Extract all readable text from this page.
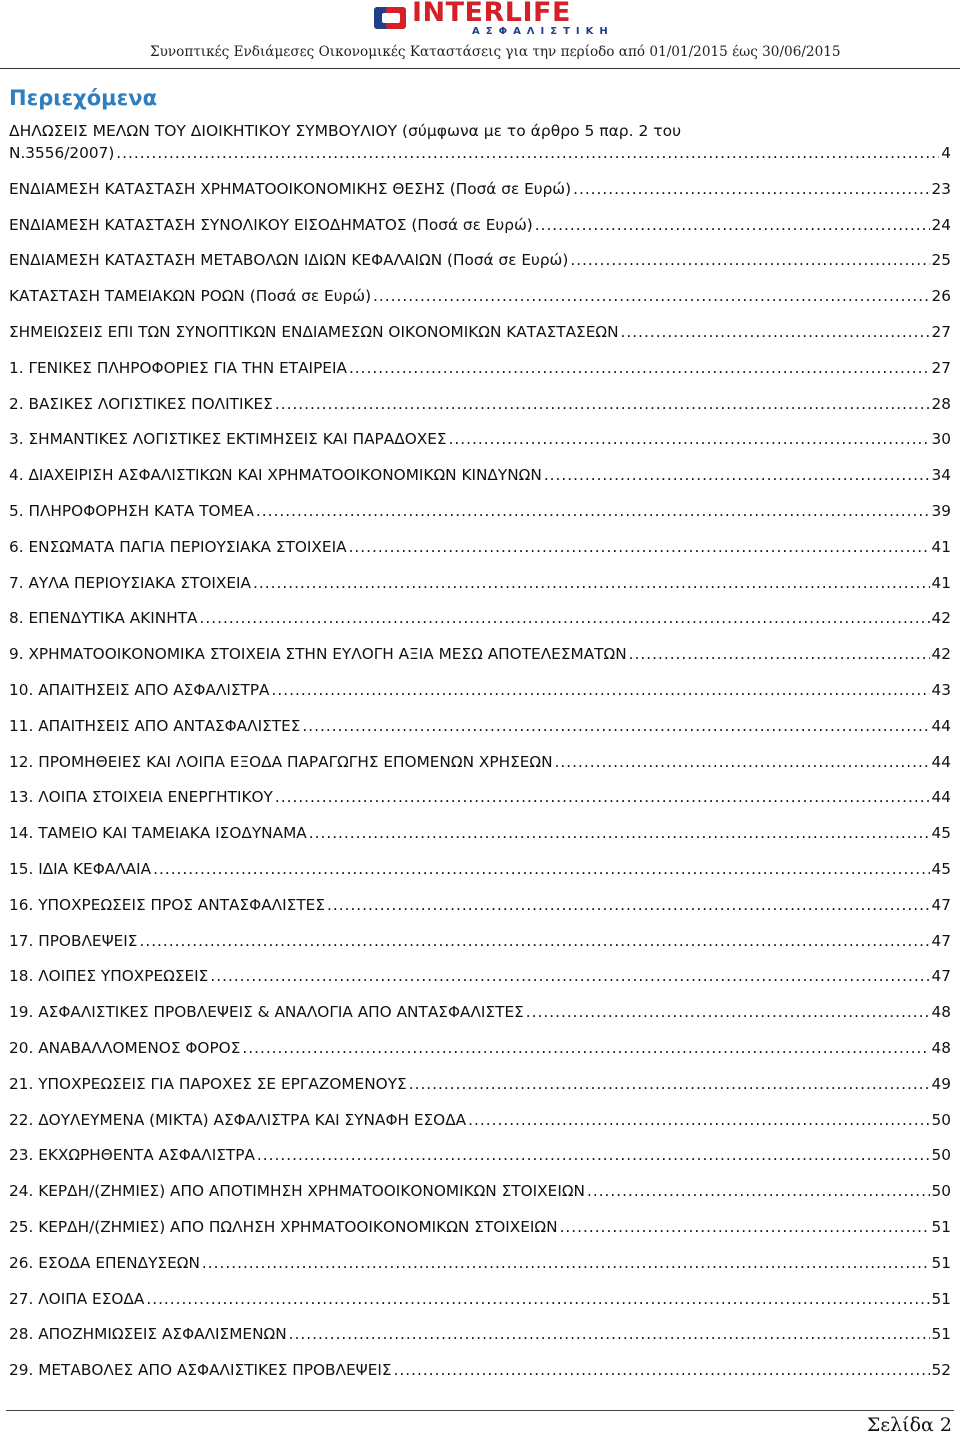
INTERLIFE
ΑΣΦΑΛΙΣΤΙΚΗ
Συνοπτικές Ενδιάμεσες Οικονομικές Καταστάσεις για την περίοδο από 01/01/2015 έως 30/06/2015
Περιεχόμενα
ΔΗΛΩΣΕΙΣ ΜΕΛΩΝ ΤΟΥ ΔΙΟΙΚΗΤΙΚΟΥ ΣΥΜΒΟΥΛΙΟΥ (σύμφωνα με το άρθρο 5 παρ. 2 του
Ν.3556/2007) .....	4
ΕΝΔΙΑΜΕΣΗ ΚΑΤΑΣΤΑΣΗ ΧΡΗΜΑΤΟΟΙΚΟΝΟΜΙΚΗΣ ΘΕΣΗΣ (Ποσά σε Ευρώ) .....	23
ΕΝΔΙΑΜΕΣΗ ΚΑΤΑΣΤΑΣΗ ΣΥΝΟΛΙΚΟΥ ΕΙΣΟΔΗΜΑΤΟΣ (Ποσά σε Ευρώ) .....	24
ΕΝΔΙΑΜΕΣΗ ΚΑΤΑΣΤΑΣΗ ΜΕΤΑΒΟΛΩΝ ΙΔΙΩΝ ΚΕΦΑΛΑΙΩΝ (Ποσά σε Ευρώ) .....	25
ΚΑΤΑΣΤΑΣΗ ΤΑΜΕΙΑΚΩΝ ΡΟΩΝ (Ποσά σε Ευρώ) .....	26
ΣΗΜΕΙΩΣΕΙΣ ΕΠΙ ΤΩΝ ΣΥΝΟΠΤΙΚΩΝ ΕΝΔΙΑΜΕΣΩΝ ΟΙΚΟΝΟΜΙΚΩΝ ΚΑΤΑΣΤΑΣΕΩΝ .....	27
1. ΓΕΝΙΚΕΣ ΠΛΗΡΟΦΟΡΙΕΣ ΓΙΑ ΤΗΝ ΕΤΑΙΡΕΙΑ .....	27
2. ΒΑΣΙΚΕΣ ΛΟΓΙΣΤΙΚΕΣ ΠΟΛΙΤΙΚΕΣ .....	28
3. ΣΗΜΑΝΤΙΚΕΣ ΛΟΓΙΣΤΙΚΕΣ ΕΚΤΙΜΗΣΕΙΣ ΚΑΙ ΠΑΡΑΔΟΧΕΣ .....	30
4. ΔΙΑΧΕΙΡΙΣΗ ΑΣΦΑΛΙΣΤΙΚΩΝ ΚΑΙ ΧΡΗΜΑΤΟΟΙΚΟΝΟΜΙΚΩΝ ΚΙΝΔΥΝΩΝ .....	34
5. ΠΛΗΡΟΦΟΡΗΣΗ ΚΑΤΑ ΤΟΜΕΑ .....	39
6. ΕΝΣΩΜΑΤΑ ΠΑΓΙΑ ΠΕΡΙΟΥΣΙΑΚΑ ΣΤΟΙΧΕΙΑ .....	41
7. ΑΥΛΑ ΠΕΡΙΟΥΣΙΑΚΑ ΣΤΟΙΧΕΙΑ .....	41
8. ΕΠΕΝΔΥΤΙΚΑ ΑΚΙΝΗΤΑ .....	42
9. ΧΡΗΜΑΤΟΟΙΚΟΝΟΜΙΚΑ ΣΤΟΙΧΕΙΑ ΣΤΗΝ ΕΥΛΟΓΗ ΑΞΙΑ ΜΕΣΩ ΑΠΟΤΕΛΕΣΜΑΤΩΝ .....	42
10. ΑΠΑΙΤΗΣΕΙΣ ΑΠΟ ΑΣΦΑΛΙΣΤΡΑ .....	43
11. ΑΠΑΙΤΗΣΕΙΣ ΑΠΟ ΑΝΤΑΣΦΑΛΙΣΤΕΣ .....	44
12. ΠΡΟΜΗΘΕΙΕΣ ΚΑΙ ΛΟΙΠΑ ΕΞΟΔΑ ΠΑΡΑΓΩΓΗΣ ΕΠΟΜΕΝΩΝ ΧΡΗΣΕΩΝ .....	44
13. ΛΟΙΠΑ ΣΤΟΙΧΕΙΑ ΕΝΕΡΓΗΤΙΚΟΥ .....	44
14. ΤΑΜΕΙΟ ΚΑΙ ΤΑΜΕΙΑΚΑ ΙΣΟΔΥΝΑΜΑ .....	45
15. ΙΔΙΑ ΚΕΦΑΛΑΙΑ .....	45
16. ΥΠΟΧΡΕΩΣΕΙΣ ΠΡΟΣ ΑΝΤΑΣΦΑΛΙΣΤΕΣ .....	47
17. ΠΡΟΒΛΕΨΕΙΣ .....	47
18. ΛΟΙΠΕΣ ΥΠΟΧΡΕΩΣΕΙΣ .....	47
19. ΑΣΦΑΛΙΣΤΙΚΕΣ ΠΡΟΒΛΕΨΕΙΣ & ΑΝΑΛΟΓΙΑ ΑΠΟ ΑΝΤΑΣΦΑΛΙΣΤΕΣ .....	48
20. ΑΝΑΒΑΛΛΟΜΕΝΟΣ ΦΟΡΟΣ .....	48
21. ΥΠΟΧΡΕΩΣΕΙΣ ΓΙΑ ΠΑΡΟΧΕΣ ΣΕ ΕΡΓΑΖΟΜΕΝΟΥΣ .....	49
22. ΔΟΥΛΕΥΜΕΝΑ (ΜΙΚΤΑ) ΑΣΦΑΛΙΣΤΡΑ ΚΑΙ ΣΥΝΑΦΗ ΕΣΟΔΑ .....	50
23. ΕΚΧΩΡΗΘΕΝΤΑ ΑΣΦΑΛΙΣΤΡΑ .....	50
24. ΚΕΡΔΗ/(ΖΗΜΙΕΣ) ΑΠΟ ΑΠΟΤΙΜΗΣΗ ΧΡΗΜΑΤΟΟΙΚΟΝΟΜΙΚΩΝ ΣΤΟΙΧΕΙΩΝ .....	50
25. ΚΕΡΔΗ/(ΖΗΜΙΕΣ) ΑΠΟ ΠΩΛΗΣΗ ΧΡΗΜΑΤΟΟΙΚΟΝΟΜΙΚΩΝ ΣΤΟΙΧΕΙΩΝ .....	51
26. ΕΣΟΔΑ ΕΠΕΝΔΥΣΕΩΝ .....	51
27. ΛΟΙΠΑ ΕΣΟΔΑ .....	51
28. ΑΠΟΖΗΜΙΩΣΕΙΣ ΑΣΦΑΛΙΣΜΕΝΩΝ .....	51
29. ΜΕΤΑΒΟΛΕΣ ΑΠΟ ΑΣΦΑΛΙΣΤΙΚΕΣ ΠΡΟΒΛΕΨΕΙΣ .....	52
Σελίδα 2
